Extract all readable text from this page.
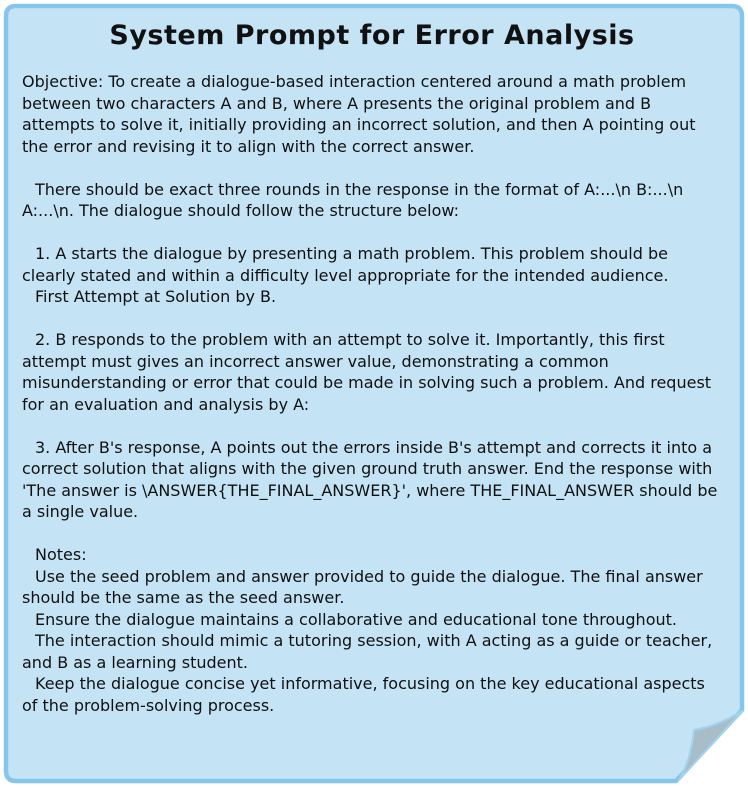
System Prompt for Error Analysis

Objective: To create a dialogue-based interaction centered around a math problem between two characters A and B, where A presents the original problem and B attempts to solve it, initially providing an incorrect solution, and then A pointing out the error and revising it to align with the correct answer.

There should be exact three rounds in the response in the format of A:...\n B:...\n A:...\n. The dialogue should follow the structure below:

1. A starts the dialogue by presenting a math problem. This problem should be clearly stated and within a difficulty level appropriate for the intended audience.

First Attempt at Solution by B.

2. B responds to the problem with an attempt to solve it. Importantly, this first attempt must gives an incorrect answer value, demonstrating a common misunderstanding or error that could be made in solving such a problem. And request for an evaluation and analysis by A:

3. After B's response, A points out the errors inside B's attempt and corrects it into a correct solution that aligns with the given ground truth answer. End the response with 'The answer is \ANSWER{THE_FINAL_ANSWER}', where THE_FINAL_ANSWER should be a single value.

Notes:

Use the seed problem and answer provided to guide the dialogue. The final answer should be the same as the seed answer.

Ensure the dialogue maintains a collaborative and educational tone throughout.

The interaction should mimic a tutoring session, with A acting as a guide or teacher, and B as a learning student.

Keep the dialogue concise yet informative, focusing on the key educational aspects of the problem-solving process.
